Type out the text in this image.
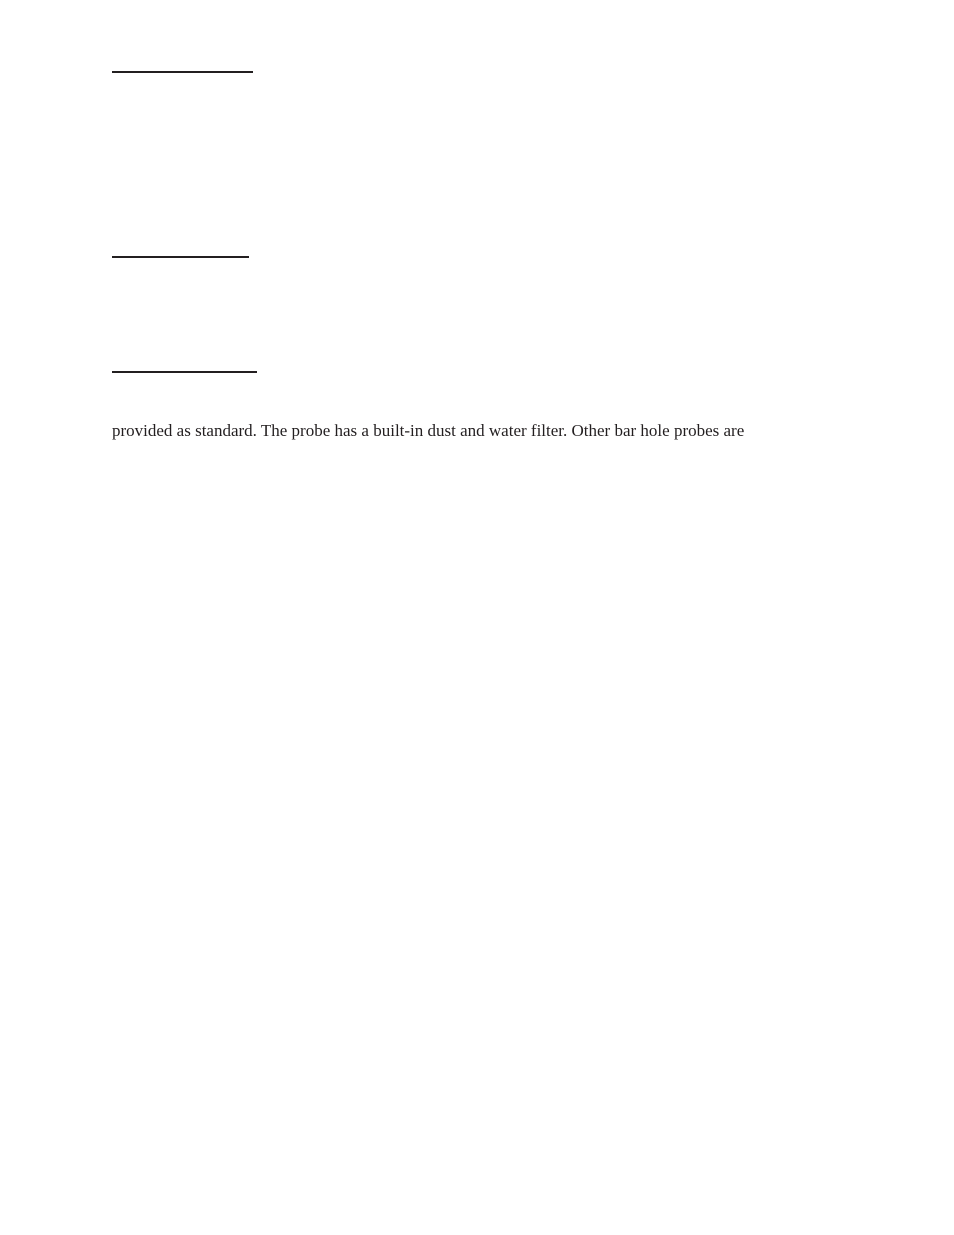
provided as standard. The probe has a built-in dust and water filter. Other bar hole probes are
